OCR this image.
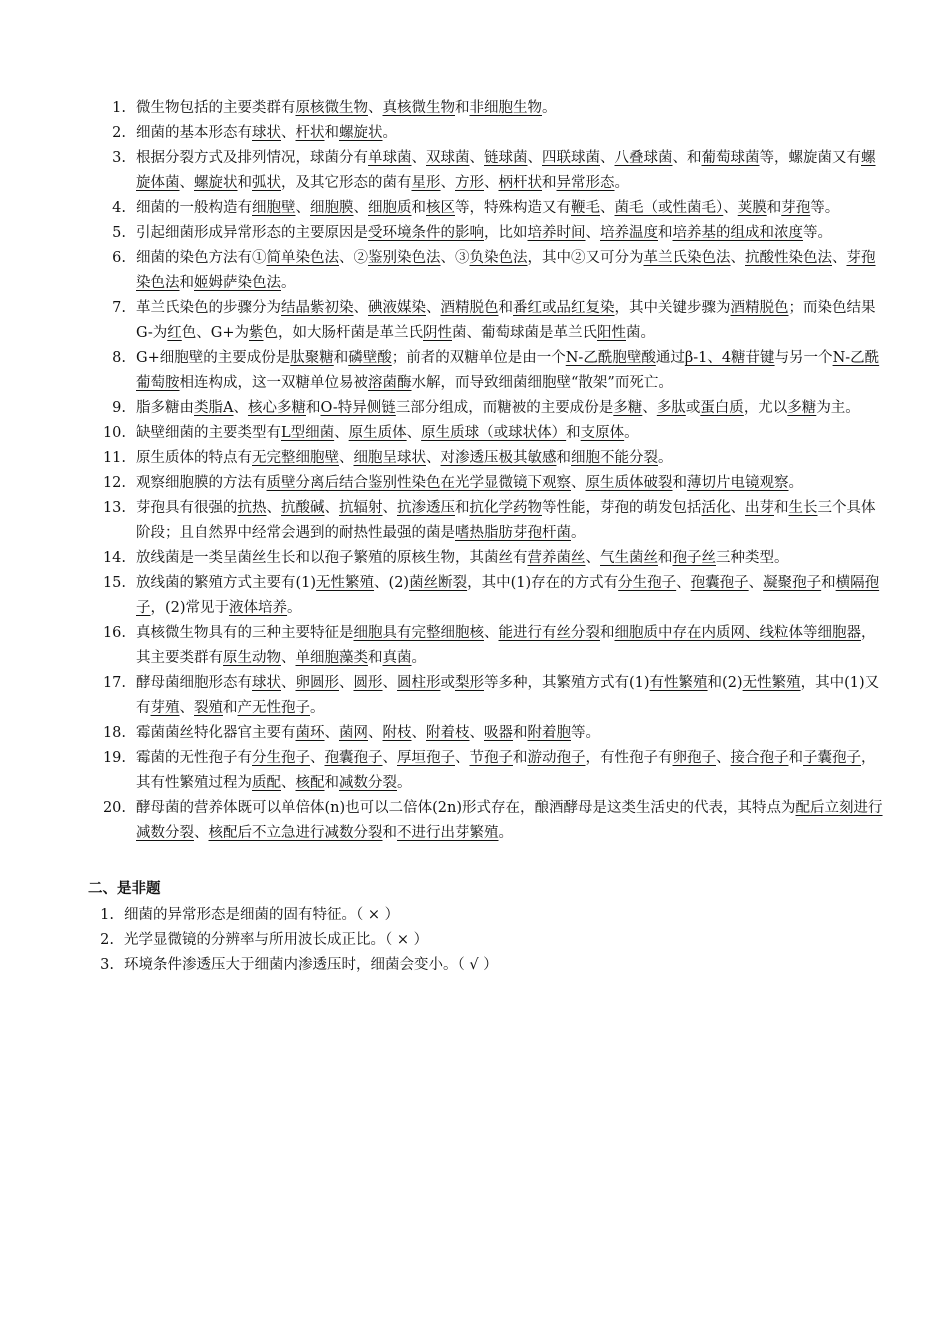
1. 微生物包括的主要类群有原核微生物、真核微生物和非细胞生物。
2. 细菌的基本形态有球状、杆状和螺旋状。
3. 根据分裂方式及排列情况，球菌分有单球菌、双球菌、链球菌、四联球菌、八叠球菌、和葡萄球菌等，螺旋菌又有螺旋体菌、螺旋状和弧状，及其它形态的菌有星形、方形、柄杆状和异常形态。
4. 细菌的一般构造有细胞壁、细胞膜、细胞质和核区等，特殊构造又有鞭毛、菌毛（或性菌毛）、荚膜和芽孢等。
5. 引起细菌形成异常形态的主要原因是受环境条件的影响，比如培养时间、培养温度和培养基的组成和浓度等。
6. 细菌的染色方法有①简单染色法、②鉴别染色法、③负染色法，其中②又可分为革兰氏染色法、抗酸性染色法、芽孢染色法和姬姆萨染色法。
7. 革兰氏染色的步骤分为结晶紫初染、碘液媒染、酒精脱色和番红或品红复染，其中关键步骤为酒精脱色；而染色结果G-为红色、G+为紫色，如大肠杆菌是革兰氏阴性菌、葡萄球菌是革兰氏阳性菌。
8. G+细胞壁的主要成份是肽聚糖和磷壁酸；前者的双糖单位是由一个N-乙酰胞壁酸通过β-1、4糖苷键与另一个N-乙酰葡萄胺相连构成，这一双糖单位易被溶菌酶水解，而导致细菌细胞壁“散架”而死亡。
9. 脂多糖由类脂A、核心多糖和O-特异侧链三部分组成，而糖被的主要成份是多糖、多肽或蛋白质，尤以多糖为主。
10. 缺壁细菌的主要类型有L型细菌、原生质体、原生质球（或球状体）和支原体。
11. 原生质体的特点有无完整细胞壁、细胞呈球状、对渗透压极其敏感和细胞不能分裂。
12. 观察细胞膜的方法有质壁分离后结合鉴别性染色在光学显微镜下观察、原生质体破裂和薄切片电镜观察。
13. 芽孢具有很强的抗热、抗酸碱、抗辐射、抗渗透压和抗化学药物等性能，芽孢的萌发包括活化、出芽和生长三个具体阶段；且自然界中经常会遇到的耐热性最强的菌是嗜热脂肪芽孢杆菌。
14. 放线菌是一类呈菌丝生长和以孢子繁殖的原核生物，其菌丝有营养菌丝、气生菌丝和孢子丝三种类型。
15. 放线菌的繁殖方式主要有(1)无性繁殖、(2)菌丝断裂，其中(1)存在的方式有分生孢子、孢囊孢子、凝聚孢子和横隔孢子，(2)常见于液体培养。
16. 真核微生物具有的三种主要特征是细胞具有完整细胞核、能进行有丝分裂和细胞质中存在内质网、线粒体等细胞器，其主要类群有原生动物、单细胞藻类和真菌。
17. 酵母菌细胞形态有球状、卵圆形、圆形、圆柱形或梨形等多种，其繁殖方式有(1)有性繁殖和(2)无性繁殖，其中(1)又有芽殖、裂殖和产无性孢子。
18. 霉菌菌丝特化器官主要有菌环、菌网、附枝、附着枝、吸器和附着胞等。
19. 霉菌的无性孢子有分生孢子、孢囊孢子、厚垣孢子、节孢子和游动孢子，有性孢子有卵孢子、接合孢子和子囊孢子，其有性繁殖过程为质配、核配和减数分裂。
20. 酵母菌的营养体既可以单倍体(n)也可以二倍体(2n)形式存在，酿酒酵母是这类生活史的代表，其特点为配后立刻进行减数分裂、核配后不立急进行减数分裂和不进行出芽繁殖。
二、是非题
1. 细菌的异常形态是细菌的固有特征。（ × ）
2. 光学显微镜的分辨率与所用波长成正比。（ × ）
3. 环境条件渗透压大于细菌内渗透压时，细菌会变小。（ √ ）
